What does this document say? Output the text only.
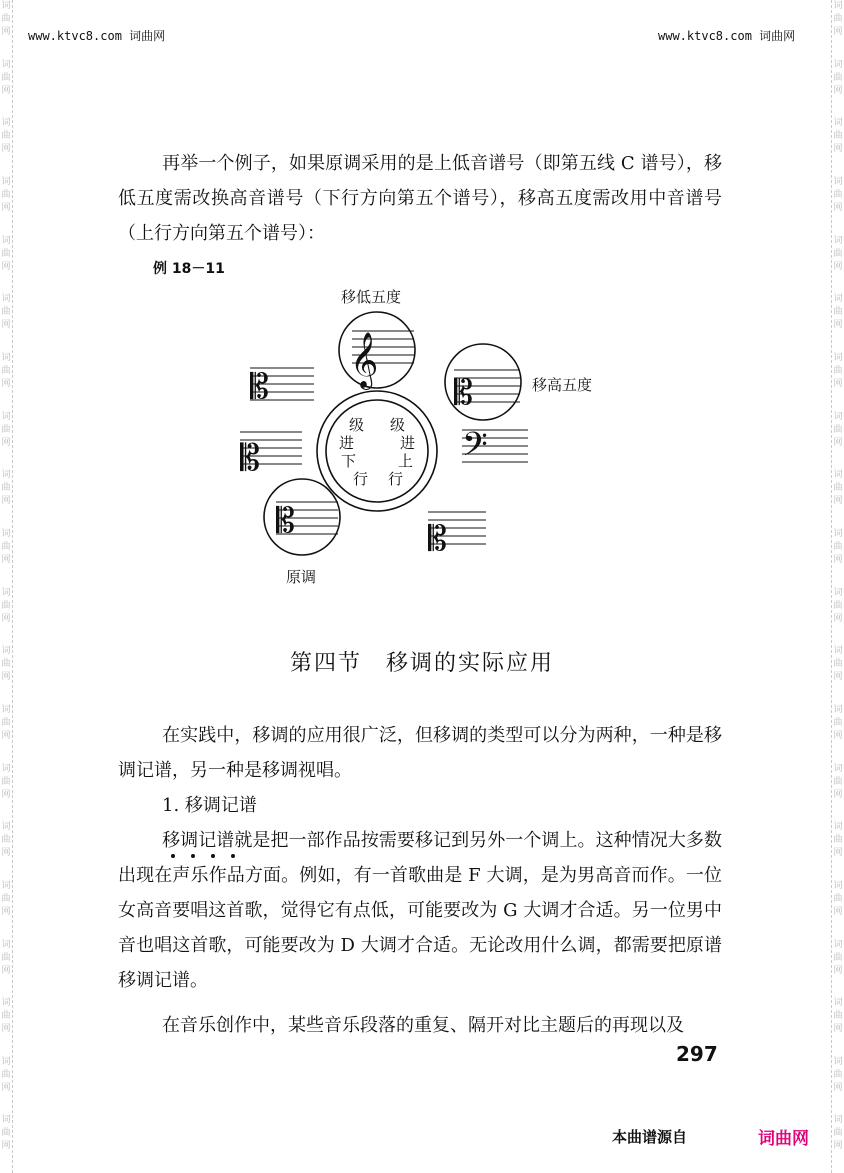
词
曲
网
词
曲
网
词
曲
网
词
曲
网
词
曲
网
词
曲
网
词
曲
网
词
曲
网
词
曲
网
词
曲
网
词
曲
网
词
曲
网
词
曲
网
词
曲
网
词
曲
网
词
曲
网
词
曲
网
词
曲
网
词
曲
网
词
曲
网
词
曲
网
词
曲
网
词
曲
网
词
曲
网
词
曲
网
词
曲
网
词
曲
网
词
曲
网
词
曲
网
词
曲
网
词
曲
网
词
曲
网
词
曲
网
词
曲
网
词
曲
网
词
曲
网
词
曲
网
词
曲
网
词
曲
网
词
曲
网
www.ktvc8.com 词曲网	www.ktvc8.com 词曲网

再举一个例子，如果原调采用的是上低音谱号（即第五线 C 谱号），移低五度需改换高音谱号（下行方向第五个谱号），移高五度需改用中音谱号（上行方向第五个谱号）：

例 18－11
𝄞
𝄡
𝄡
𝄡
𝄢
𝄡	𝄡
移低五度
移高五度
原调
级
进
下
行
级
进
上
行
第四节　移调的实际应用

在实践中，移调的应用很广泛，但移调的类型可以分为两种，一种是移调记谱，另一种是移调视唱。

1. 移调记谱

移调记谱就是把一部作品按需要移记到另外一个调上。这种情况大多数出现在声乐作品方面。例如，有一首歌曲是 F 大调，是为男高音而作。一位女高音要唱这首歌，觉得它有点低，可能要改为 G 大调才合适。另一位男中音也唱这首歌，可能要改为 D 大调才合适。无论改用什么调，都需要把原谱移调记谱。

在音乐创作中，某些音乐段落的重复、隔开对比主题后的再现以及

297
本曲谱源自	词曲网
